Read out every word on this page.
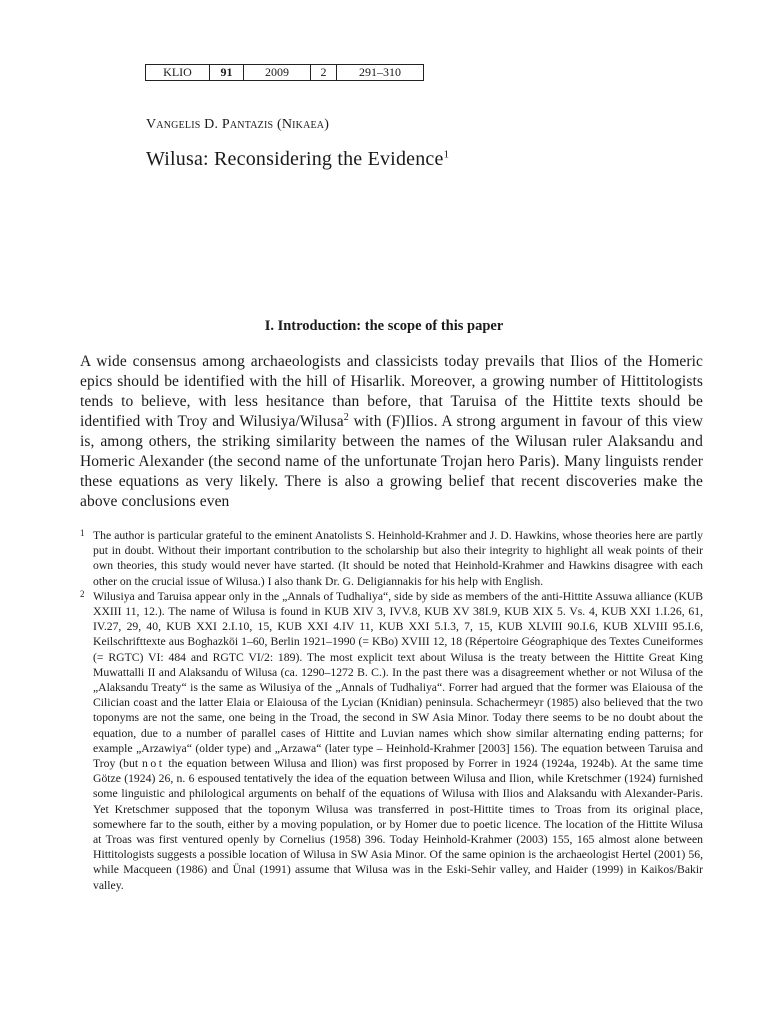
KLIO	91	2009	2	291–310
Vangelis D. Pantazis (Nikaea)
Wilusa: Reconsidering the Evidence$^1$
I. Introduction: the scope of this paper

A wide consensus among archaeologists and classicists today prevails that Ilios of the Homeric epics should be identified with the hill of Hisarlik. Moreover, a growing number of Hittitologists tends to believe, with less hesitance than before, that Taruisa of the Hittite texts should be identified with Troy and Wilusiya/Wilusa$^2$ with (F)Ilios. A strong argument in favour of this view is, among others, the striking similarity between the names of the Wilusan ruler Alaksandu and Homeric Alexander (the second name of the unfortunate Trojan hero Paris). Many linguists render these equations as very likely. There is also a growing belief that recent discoveries make the above conclusions even

1 The author is particular grateful to the eminent Anatolists S. Heinhold-Krahmer and J. D. Hawkins, whose theories here are partly put in doubt. Without their important contribution to the scholarship but also their integrity to highlight all weak points of their own theories, this study would never have started. (It should be noted that Heinhold-Krahmer and Hawkins disagree with each other on the crucial issue of Wilusa.) I also thank Dr. G. Deligiannakis for his help with English.

2 Wilusiya and Taruisa appear only in the „Annals of Tudhaliya“, side by side as members of the anti-Hittite Assuwa alliance (KUB XXIII 11, 12.). The name of Wilusa is found in KUB XIV 3, IVV.8, KUB XV 38I.9, KUB XIX 5. Vs. 4, KUB XXI 1.I.26, 61, IV.27, 29, 40, KUB XXI 2.I.10, 15, KUB XXI 4.IV 11, KUB XXI 5.I.3, 7, 15, KUB XLVIII 90.I.6, KUB XLVIII 95.I.6, Keilschrifttexte aus Boghazköi 1–60, Berlin 1921–1990 (= KBo) XVIII 12, 18 (Répertoire Géographique des Textes Cuneiformes (= RGTC) VI: 484 and RGTC VI/2: 189). The most explicit text about Wilusa is the treaty between the Hittite Great King Muwattalli II and Alaksandu of Wilusa (ca. 1290–1272 B. C.). In the past there was a disagreement whether or not Wilusa of the „Alaksandu Treaty“ is the same as Wilusiya of the „Annals of Tudhaliya“. Forrer had argued that the former was Elaiousa of the Cilician coast and the latter Elaia or Elaiousa of the Lycian (Knidian) peninsula. Schachermeyr (1985) also believed that the two toponyms are not the same, one being in the Troad, the second in SW Asia Minor. Today there seems to be no doubt about the equation, due to a number of parallel cases of Hittite and Luvian names which show similar alternating ending patterns; for example „Arzawiya“ (older type) and „Arzawa“ (later type – Heinhold-Krahmer [2003] 156). The equation between Taruisa and Troy (but not the equation between Wilusa and Ilion) was first proposed by Forrer in 1924 (1924a, 1924b). At the same time Götze (1924) 26, n. 6 espoused tentatively the idea of the equation between Wilusa and Ilion, while Kretschmer (1924) furnished some linguistic and philological arguments on behalf of the equations of Wilusa with Ilios and Alaksandu with Alexander-Paris. Yet Kretschmer supposed that the toponym Wilusa was transferred in post-Hittite times to Troas from its original place, somewhere far to the south, either by a moving population, or by Homer due to poetic licence. The location of the Hittite Wilusa at Troas was first ventured openly by Cornelius (1958) 396. Today Heinhold-Krahmer (2003) 155, 165 almost alone between Hittitologists suggests a possible location of Wilusa in SW Asia Minor. Of the same opinion is the archaeologist Hertel (2001) 56, while Macqueen (1986) and Ünal (1991) assume that Wilusa was in the Eski-Sehir valley, and Haider (1999) in Kaikos/Bakir valley.
